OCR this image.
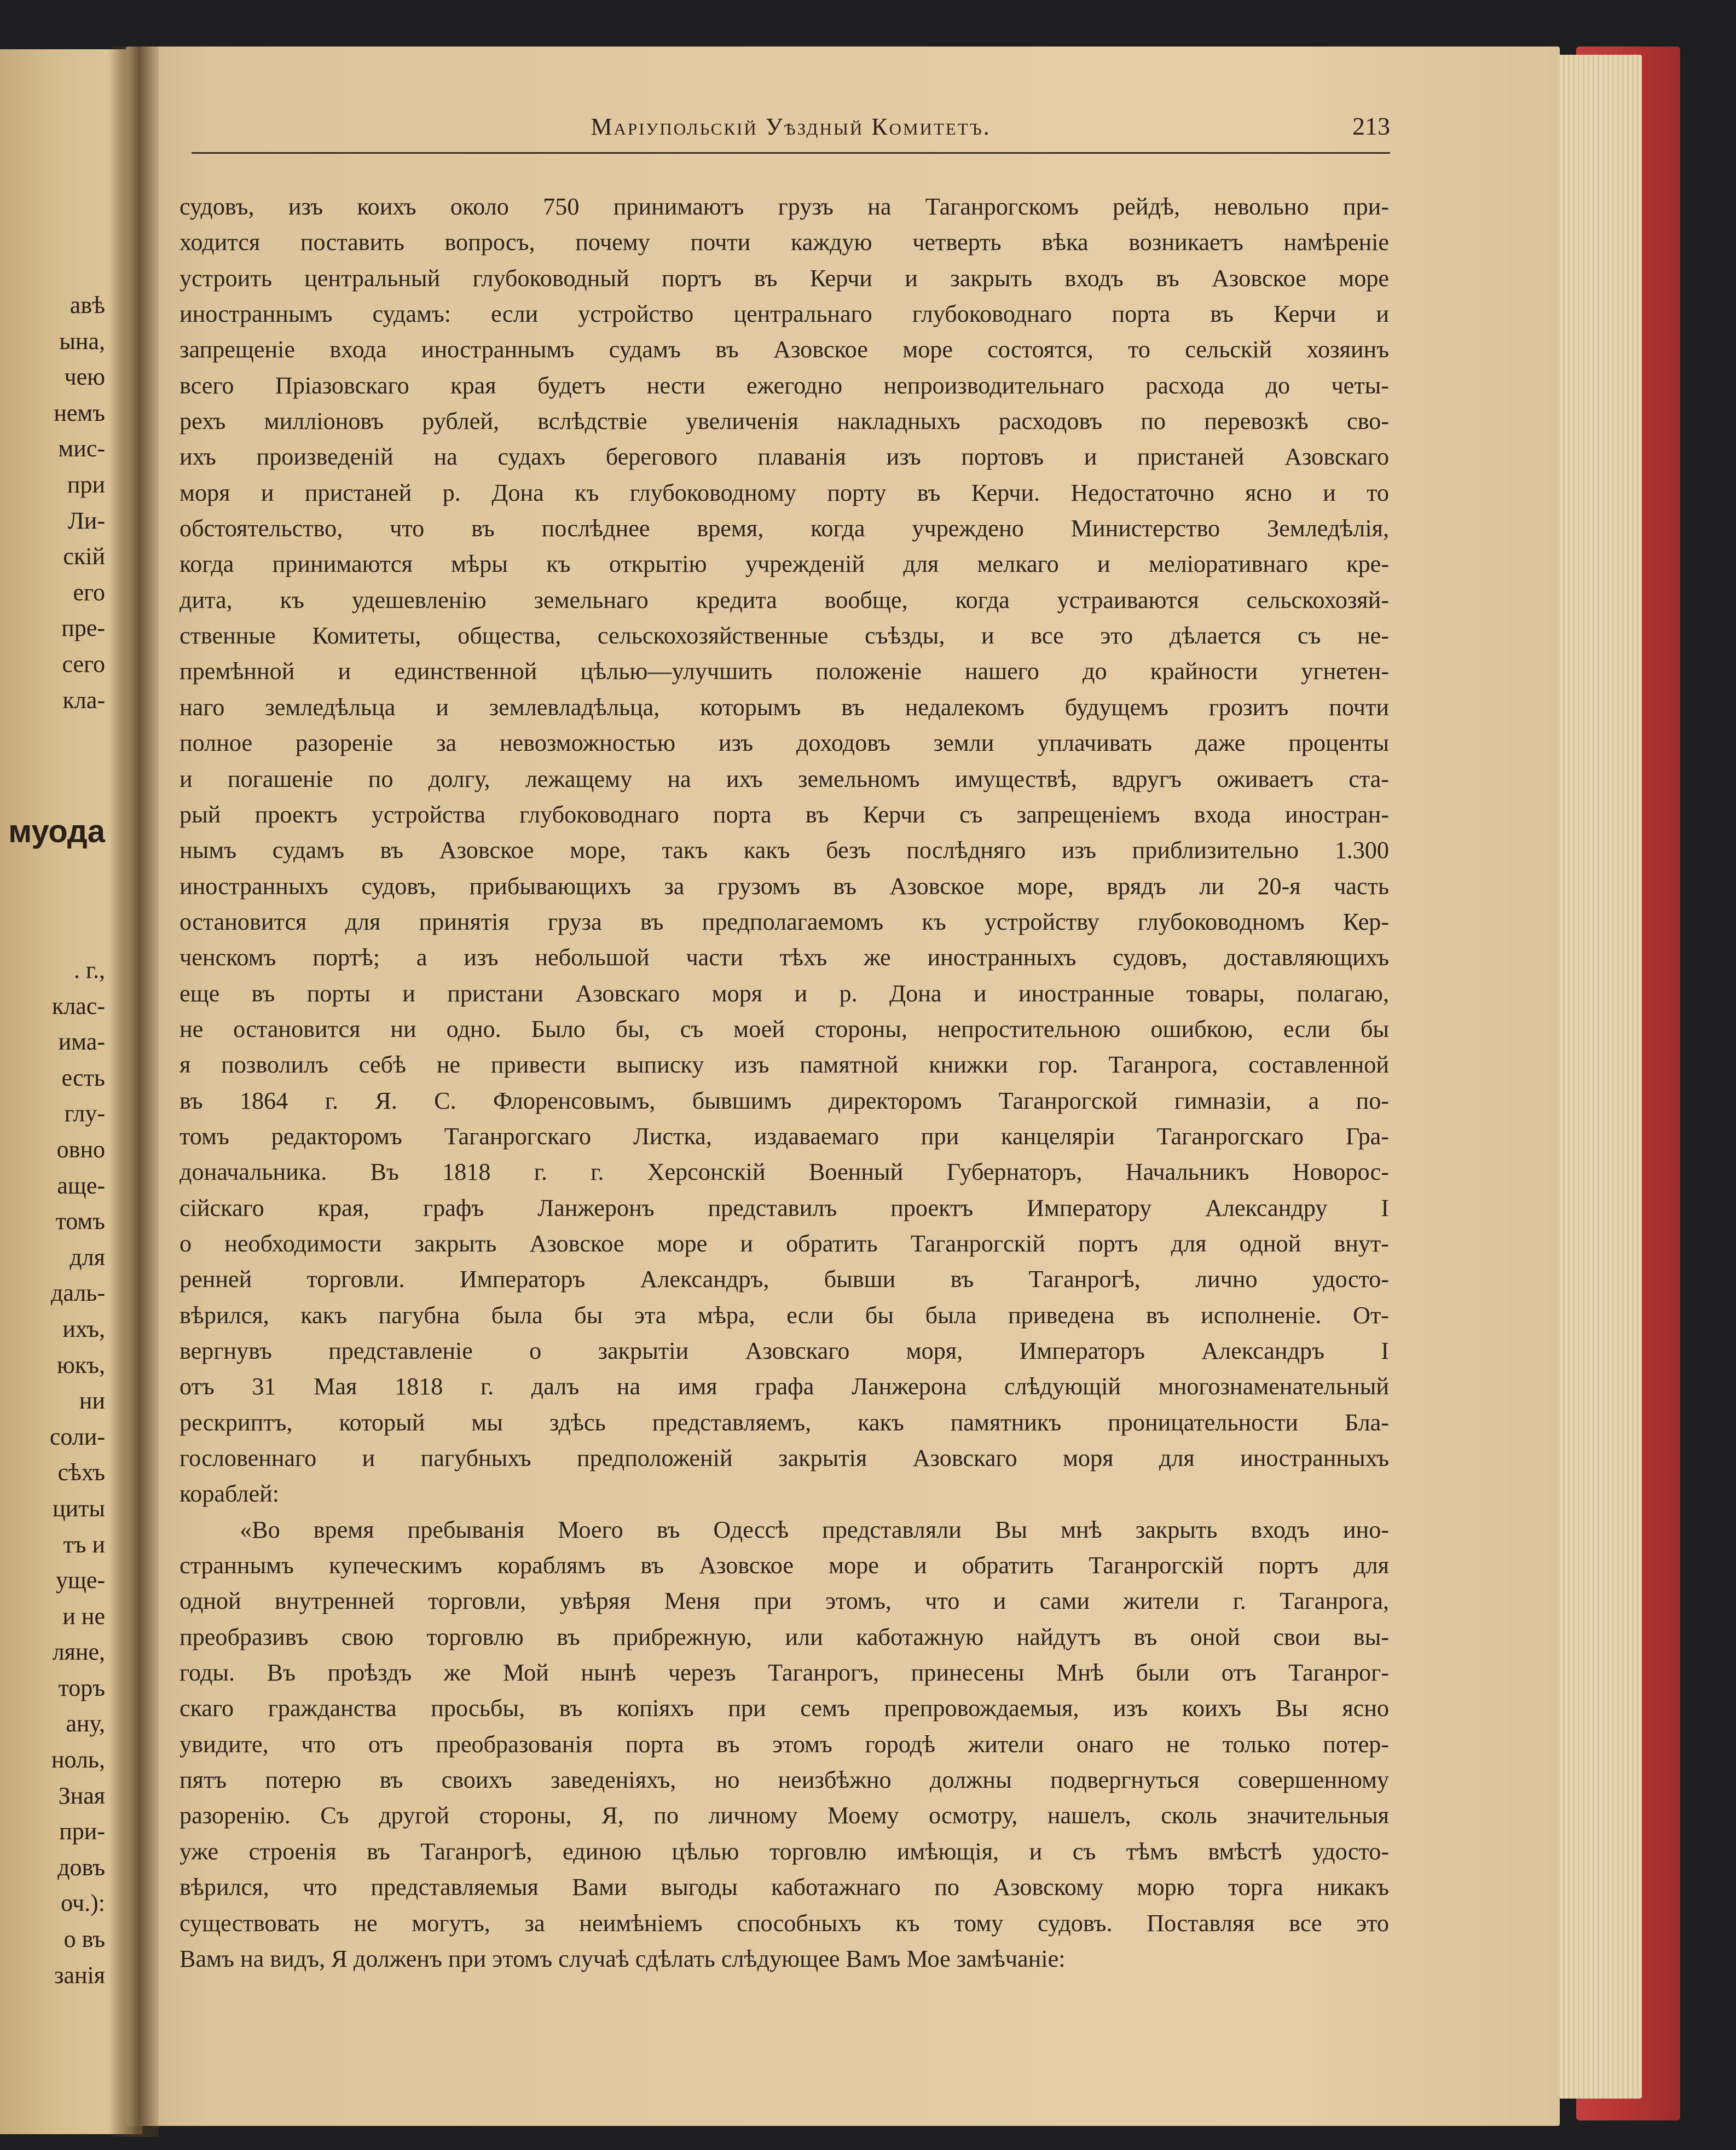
авѣ
ына,
чею
немъ
мис-
при
Ли-
скій
его
пре-
сего
кла-
муода
. г.,
клас-
има-
есть
глу-
овно
аще-
томъ
для
даль-
ихъ,
юкъ,
ни
соли-
сѣхъ
циты
тъ и
уще-
и не
ляне,
торъ
ану,
ноль,
Зная
при-
довъ
оч.):
о въ
занія
Маріупольскій Уѣздный Комитетъ.	213
судовъ, изъ коихъ около 750 принимаютъ грузъ на Таганрогскомъ рейдѣ, невольно при-
ходится поставить вопросъ, почему почти каждую четверть вѣка возникаетъ намѣреніе
устроить центральный глубоководный портъ въ Керчи и закрыть входъ въ Азовское море
иностраннымъ судамъ: если устройство центральнаго глубоководнаго порта въ Керчи и
запрещеніе входа иностраннымъ судамъ въ Азовское море состоятся, то сельскій хозяинъ
всего Пріазовскаго края будетъ нести ежегодно непроизводительнаго расхода до четы-
рехъ милліоновъ рублей, вслѣдствіе увеличенія накладныхъ расходовъ по перевозкѣ сво-
ихъ произведеній на судахъ берегового плаванія изъ портовъ и пристаней Азовскаго
моря и пристаней р. Дона къ глубоководному порту въ Керчи. Недостаточно ясно и то
обстоятельство, что въ послѣднее время, когда учреждено Министерство Земледѣлія,
когда принимаются мѣры къ открытію учрежденій для мелкаго и меліоративнаго кре-
дита, къ удешевленію земельнаго кредита вообще, когда устраиваются сельскохозяй-
ственные Комитеты, общества, сельскохозяйственные съѣзды, и все это дѣлается съ не-
премѣнной и единственной цѣлью—улучшить положеніе нашего до крайности угнетен-
наго земледѣльца и землевладѣльца, которымъ въ недалекомъ будущемъ грозитъ почти
полное разореніе за невозможностью изъ доходовъ земли уплачивать даже проценты
и погашеніе по долгу, лежащему на ихъ земельномъ имуществѣ, вдругъ оживаетъ ста-
рый проектъ устройства глубоководнаго порта въ Керчи съ запрещеніемъ входа иностран-
нымъ судамъ въ Азовское море, такъ какъ безъ послѣдняго изъ приблизительно 1.300
иностранныхъ судовъ, прибывающихъ за грузомъ въ Азовское море, врядъ ли 20-я часть
остановится для принятія груза въ предполагаемомъ къ устройству глубоководномъ Кер-
ченскомъ портѣ; а изъ небольшой части тѣхъ же иностранныхъ судовъ, доставляющихъ
еще въ порты и пристани Азовскаго моря и р. Дона и иностранные товары, полагаю,
не остановится ни одно. Было бы, съ моей стороны, непростительною ошибкою, если бы
я позволилъ себѣ не привести выписку изъ памятной книжки гор. Таганрога, составленной
въ 1864 г. Я. С. Флоренсовымъ, бывшимъ директоромъ Таганрогской гимназіи, а по-
томъ редакторомъ Таганрогскаго Листка, издаваемаго при канцеляріи Таганрогскаго Гра-
доначальника. Въ 1818 г. г. Херсонскій Военный Губернаторъ, Начальникъ Новорос-
сійскаго края, графъ Ланжеронъ представилъ проектъ Императору Александру I
о необходимости закрыть Азовское море и обратить Таганрогскій портъ для одной внут-
ренней торговли. Императоръ Александръ, бывши въ Таганрогѣ, лично удосто-
вѣрился, какъ пагубна была бы эта мѣра, если бы была приведена въ исполненіе. От-
вергнувъ представленіе о закрытіи Азовскаго моря, Императоръ Александръ I
отъ 31 Мая 1818 г. далъ на имя графа Ланжерона слѣдующій многознаменательный
рескриптъ, который мы здѣсь представляемъ, какъ памятникъ проницательности Бла-
гословеннаго и пагубныхъ предположеній закрытія Азовскаго моря для иностранныхъ
кораблей:
«Во время пребыванія Моего въ Одессѣ представляли Вы мнѣ закрыть входъ ино-
страннымъ купеческимъ кораблямъ въ Азовское море и обратить Таганрогскій портъ для
одной внутренней торговли, увѣряя Меня при этомъ, что и сами жители г. Таганрога,
преобразивъ свою торговлю въ прибрежную, или каботажную найдутъ въ оной свои вы-
годы. Въ проѣздъ же Мой нынѣ черезъ Таганрогъ, принесены Мнѣ были отъ Таганрог-
скаго гражданства просьбы, въ копіяхъ при семъ препровождаемыя, изъ коихъ Вы ясно
увидите, что отъ преобразованія порта въ этомъ городѣ жители онаго не только потер-
пятъ потерю въ своихъ заведеніяхъ, но неизбѣжно должны подвергнуться совершенному
разоренію. Съ другой стороны, Я, по личному Моему осмотру, нашелъ, сколь значительныя
уже строенія въ Таганрогѣ, единою цѣлью торговлю имѣющія, и съ тѣмъ вмѣстѣ удосто-
вѣрился, что представляемыя Вами выгоды каботажнаго по Азовскому морю торга никакъ
существовать не могутъ, за неимѣніемъ способныхъ къ тому судовъ. Поставляя все это
Вамъ на видъ, Я долженъ при этомъ случаѣ сдѣлать слѣдующее Вамъ Мое замѣчаніе:
